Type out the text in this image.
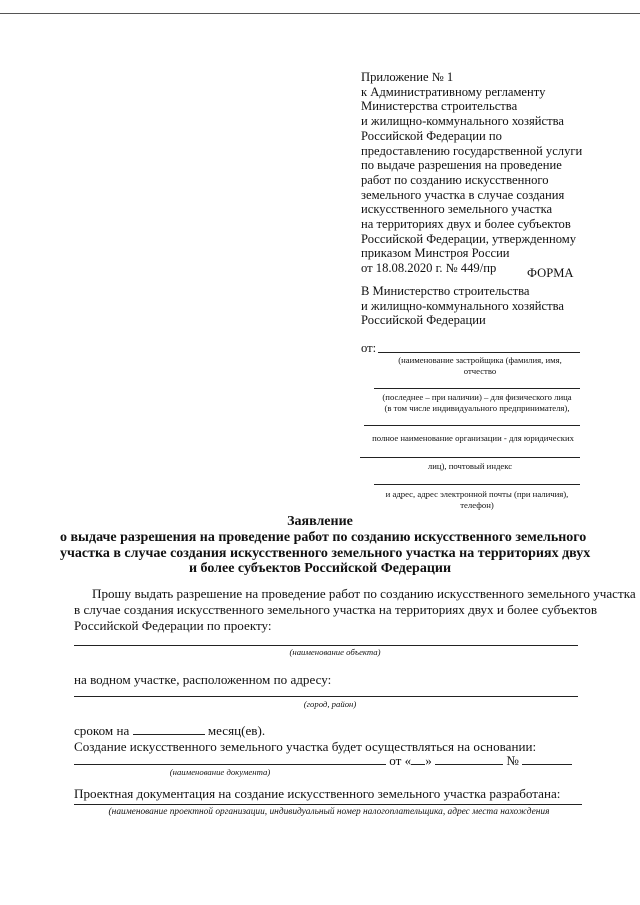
Приложение № 1
к Административному регламенту
Министерства строительства
и жилищно-коммунального хозяйства
Российской Федерации по
предоставлению государственной услуги
по выдаче разрешения на проведение
работ по созданию искусственного
земельного участка в случае создания
искусственного земельного участка
на территориях двух и более субъектов
Российской Федерации, утвержденному
приказом Минстроя России
от 18.08.2020 г. № 449/пр	ФОРМА
В Министерство строительства
и жилищно-коммунального хозяйства
Российской Федерации
от:
(наименование застройщика (фамилия, имя,
отчество
(последнее – при наличии) – для физического лица
(в том числе индивидуального предпринимателя),
полное наименование организации - для юридических
лиц), почтовый индекс
и адрес, адрес электронной почты (при наличия),
телефон)
Заявление
о выдаче разрешения на проведение работ по созданию искусственного земельного
участка в случае создания искусственного земельного участка на территориях двух
и более субъектов Российской Федерации
Прошу выдать разрешение на проведение работ по созданию искусственного земельного участка
в случае создания искусственного земельного участка на территориях двух и более субъектов
Российской Федерации по проекту:
(наименование объекта)
на водном участке, расположенном по адресу:
(город, район)
сроком на	месяц(ев).
Создание искусственного земельного участка будет осуществляться на основании:
от « »	№
(наименование документа)
Проектная документация на создание искусственного земельного участка разработана:
(наименование проектной организации, индивидуальный номер налогоплательщика, адрес места нахождения
